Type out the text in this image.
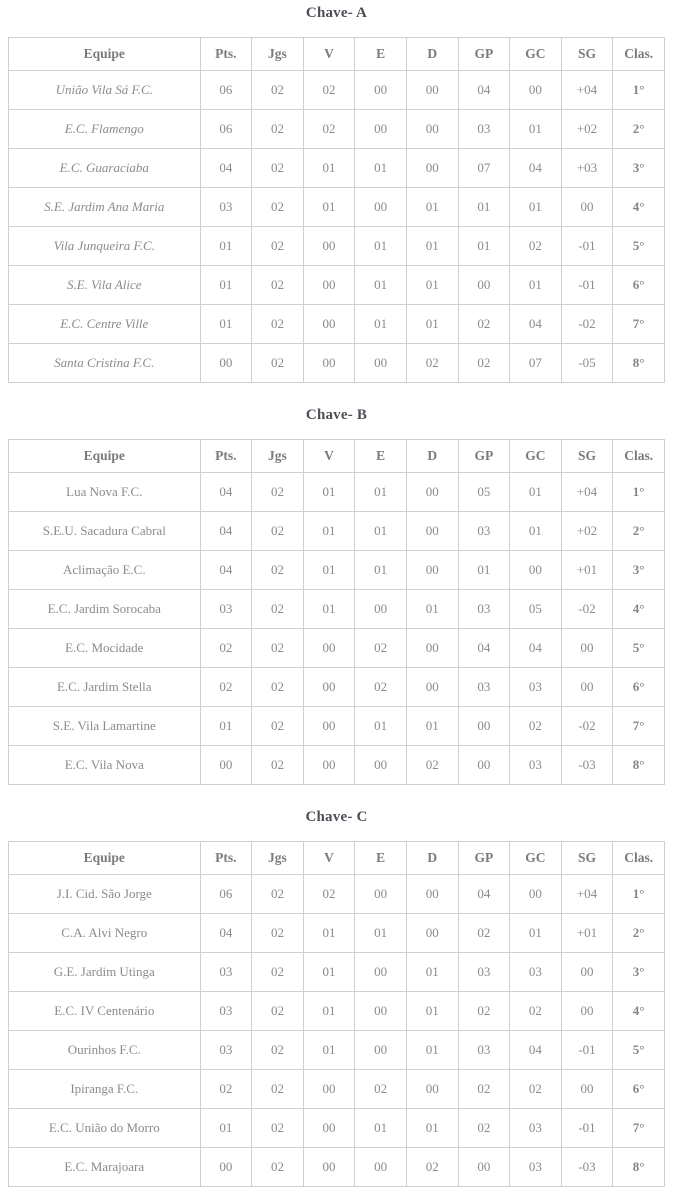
Chave- A
Equipe	Pts.	Jgs	V	E	D	GP	GC	SG	Clas.
União Vila Sá F.C.	06	02	02	00	00	04	00	+04	1°
E.C. Flamengo	06	02	02	00	00	03	01	+02	2°
E.C. Guaraciaba	04	02	01	01	00	07	04	+03	3°
S.E. Jardim Ana Maria	03	02	01	00	01	01	01	00	4°
Vila Junqueira F.C.	01	02	00	01	01	01	02	-01	5°
S.E. Vila Alice	01	02	00	01	01	00	01	-01	6°
E.C. Centre Ville	01	02	00	01	01	02	04	-02	7°
Santa Cristina F.C.	00	02	00	00	02	02	07	-05	8°
Chave- B
Equipe	Pts.	Jgs	V	E	D	GP	GC	SG	Clas.
Lua Nova F.C.	04	02	01	01	00	05	01	+04	1°
S.E.U. Sacadura Cabral	04	02	01	01	00	03	01	+02	2°
Aclimação E.C.	04	02	01	01	00	01	00	+01	3°
E.C. Jardim Sorocaba	03	02	01	00	01	03	05	-02	4°
E.C. Mocidade	02	02	00	02	00	04	04	00	5°
E.C. Jardim Stella	02	02	00	02	00	03	03	00	6°
S.E. Vila Lamartine	01	02	00	01	01	00	02	-02	7°
E.C. Vila Nova	00	02	00	00	02	00	03	-03	8°
Chave- C
Equipe	Pts.	Jgs	V	E	D	GP	GC	SG	Clas.
J.I. Cid. São Jorge	06	02	02	00	00	04	00	+04	1°
C.A. Alvi Negro	04	02	01	01	00	02	01	+01	2°
G.E. Jardim Utinga	03	02	01	00	01	03	03	00	3°
E.C. IV Centenário	03	02	01	00	01	02	02	00	4°
Ourinhos F.C.	03	02	01	00	01	03	04	-01	5°
Ipiranga F.C.	02	02	00	02	00	02	02	00	6°
E.C. União do Morro	01	02	00	01	01	02	03	-01	7°
E.C. Marajoara	00	02	00	00	02	00	03	-03	8°
